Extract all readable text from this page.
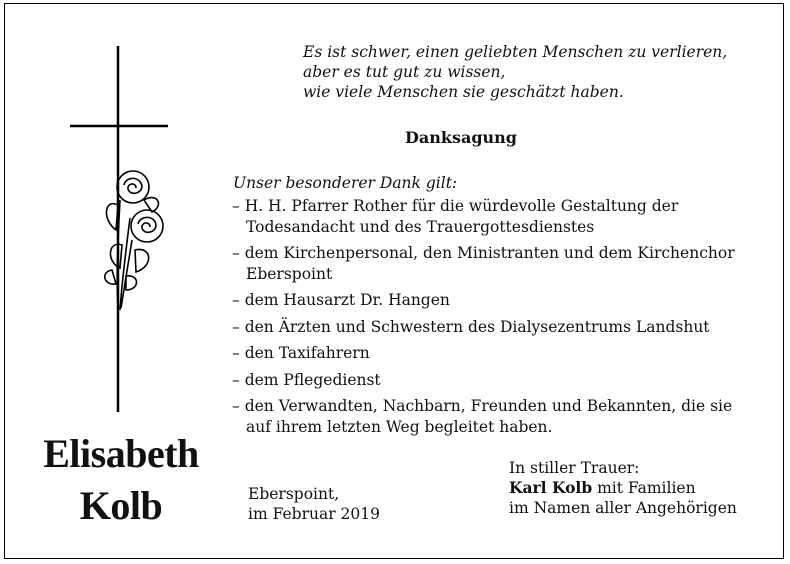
Es ist schwer, einen geliebten Menschen zu verlieren,
aber es tut gut zu wissen,
wie viele Menschen sie geschätzt haben.
Danksagung
Unser besonderer Dank gilt:
– H. H. Pfarrer Rother für die würdevolle Gestaltung der Todesandacht und des Trauergottesdienstes
– dem Kirchenpersonal, den Ministranten und dem Kirchenchor Eberspoint
– dem Hausarzt Dr. Hangen
– den Ärzten und Schwestern des Dialysezentrums Landshut
– den Taxifahrern
– dem Pflegedienst
– den Verwandten, Nachbarn, Freunden und Bekannten, die sie auf ihrem letzten Weg begleitet haben.
Elisabeth
Kolb	Eberspoint,
im Februar 2019
In stiller Trauer:
Karl Kolb mit Familien
im Namen aller Angehörigen
